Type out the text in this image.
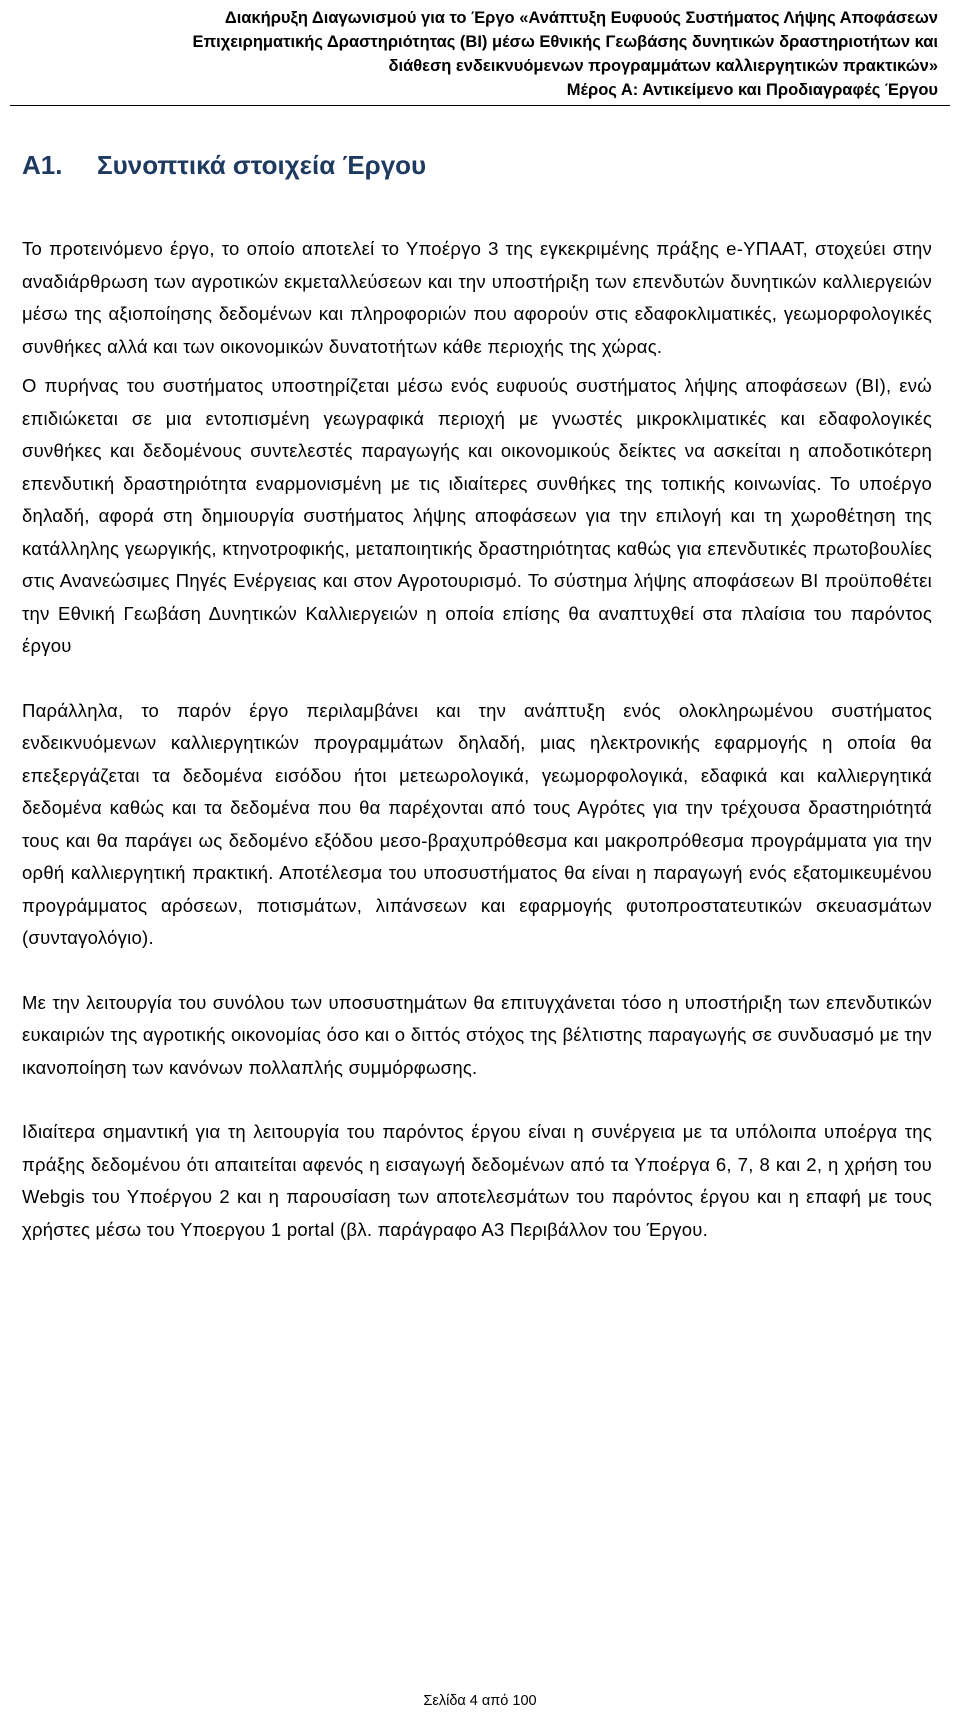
Διακήρυξη Διαγωνισμού για το Έργο «Ανάπτυξη Ευφυούς Συστήματος Λήψης Αποφάσεων
Επιχειρηματικής Δραστηριότητας (BI) μέσω Εθνικής Γεωβάσης δυνητικών δραστηριοτήτων και
διάθεση ενδεικνυόμενων προγραμμάτων καλλιεργητικών πρακτικών»
Μέρος Α: Αντικείμενο και Προδιαγραφές Έργου
Α1. Συνοπτικά στοιχεία Έργου

Το προτεινόμενο έργο, το οποίο αποτελεί το Υποέργο 3 της εγκεκριμένης πράξης e-ΥΠΑΑΤ, στοχεύει στην αναδιάρθρωση των αγροτικών εκμεταλλεύσεων και την υποστήριξη των επενδυτών δυνητικών καλλιεργειών μέσω της αξιοποίησης δεδομένων και πληροφοριών που αφορούν στις εδαφοκλιματικές, γεωμορφολογικές συνθήκες αλλά και των οικονομικών δυνατοτήτων κάθε περιοχής της χώρας.

Ο πυρήνας του συστήματος υποστηρίζεται μέσω ενός ευφυούς συστήματος λήψης αποφάσεων (BI), ενώ επιδιώκεται σε μια εντοπισμένη γεωγραφικά περιοχή με γνωστές μικροκλιματικές και εδαφολογικές συνθήκες και δεδομένους συντελεστές παραγωγής και οικονομικούς δείκτες να ασκείται η αποδοτικότερη επενδυτική δραστηριότητα εναρμονισμένη με τις ιδιαίτερες συνθήκες της τοπικής κοινωνίας. Το υποέργο δηλαδή, αφορά στη δημιουργία συστήματος λήψης αποφάσεων για την επιλογή και τη χωροθέτηση της κατάλληλης γεωργικής, κτηνοτροφικής, μεταποιητικής δραστηριότητας καθώς για επενδυτικές πρωτοβουλίες στις Ανανεώσιμες Πηγές Ενέργειας και στον Αγροτουρισμό. Το σύστημα λήψης αποφάσεων BI προϋποθέτει την Εθνική Γεωβάση Δυνητικών Καλλιεργειών η οποία επίσης θα αναπτυχθεί στα πλαίσια του παρόντος έργου

Παράλληλα, το παρόν έργο περιλαμβάνει και την ανάπτυξη ενός ολοκληρωμένου συστήματος ενδεικνυόμενων καλλιεργητικών προγραμμάτων δηλαδή, μιας ηλεκτρονικής εφαρμογής η οποία θα επεξεργάζεται τα δεδομένα εισόδου ήτοι μετεωρολογικά, γεωμορφολογικά, εδαφικά και καλλιεργητικά δεδομένα καθώς και τα δεδομένα που θα παρέχονται από τους Αγρότες για την τρέχουσα δραστηριότητά τους και θα παράγει ως δεδομένο εξόδου μεσο-βραχυπρόθεσμα και μακροπρόθεσμα προγράμματα για την ορθή καλλιεργητική πρακτική. Αποτέλεσμα του υποσυστήματος θα είναι η παραγωγή ενός εξατομικευμένου προγράμματος αρόσεων, ποτισμάτων, λιπάνσεων και εφαρμογής φυτοπροστατευτικών σκευασμάτων (συνταγολόγιο).

Με την λειτουργία του συνόλου των υποσυστημάτων θα επιτυγχάνεται τόσο η υποστήριξη των επενδυτικών ευκαιριών της αγροτικής οικονομίας όσο και ο διττός στόχος της βέλτιστης παραγωγής σε συνδυασμό με την ικανοποίηση των κανόνων πολλαπλής συμμόρφωσης.

Ιδιαίτερα σημαντική για τη λειτουργία του παρόντος έργου είναι η συνέργεια με τα υπόλοιπα υποέργα της πράξης δεδομένου ότι απαιτείται αφενός η εισαγωγή δεδομένων από τα Υποέργα 6, 7, 8 και 2, η χρήση του Webgis του Υποέργου 2 και η παρουσίαση των αποτελεσμάτων του παρόντος έργου και η επαφή με τους χρήστες μέσω του Υποεργου 1 portal (βλ. παράγραφο Α3 Περιβάλλον του Έργου.

Σελίδα 4 από 100
